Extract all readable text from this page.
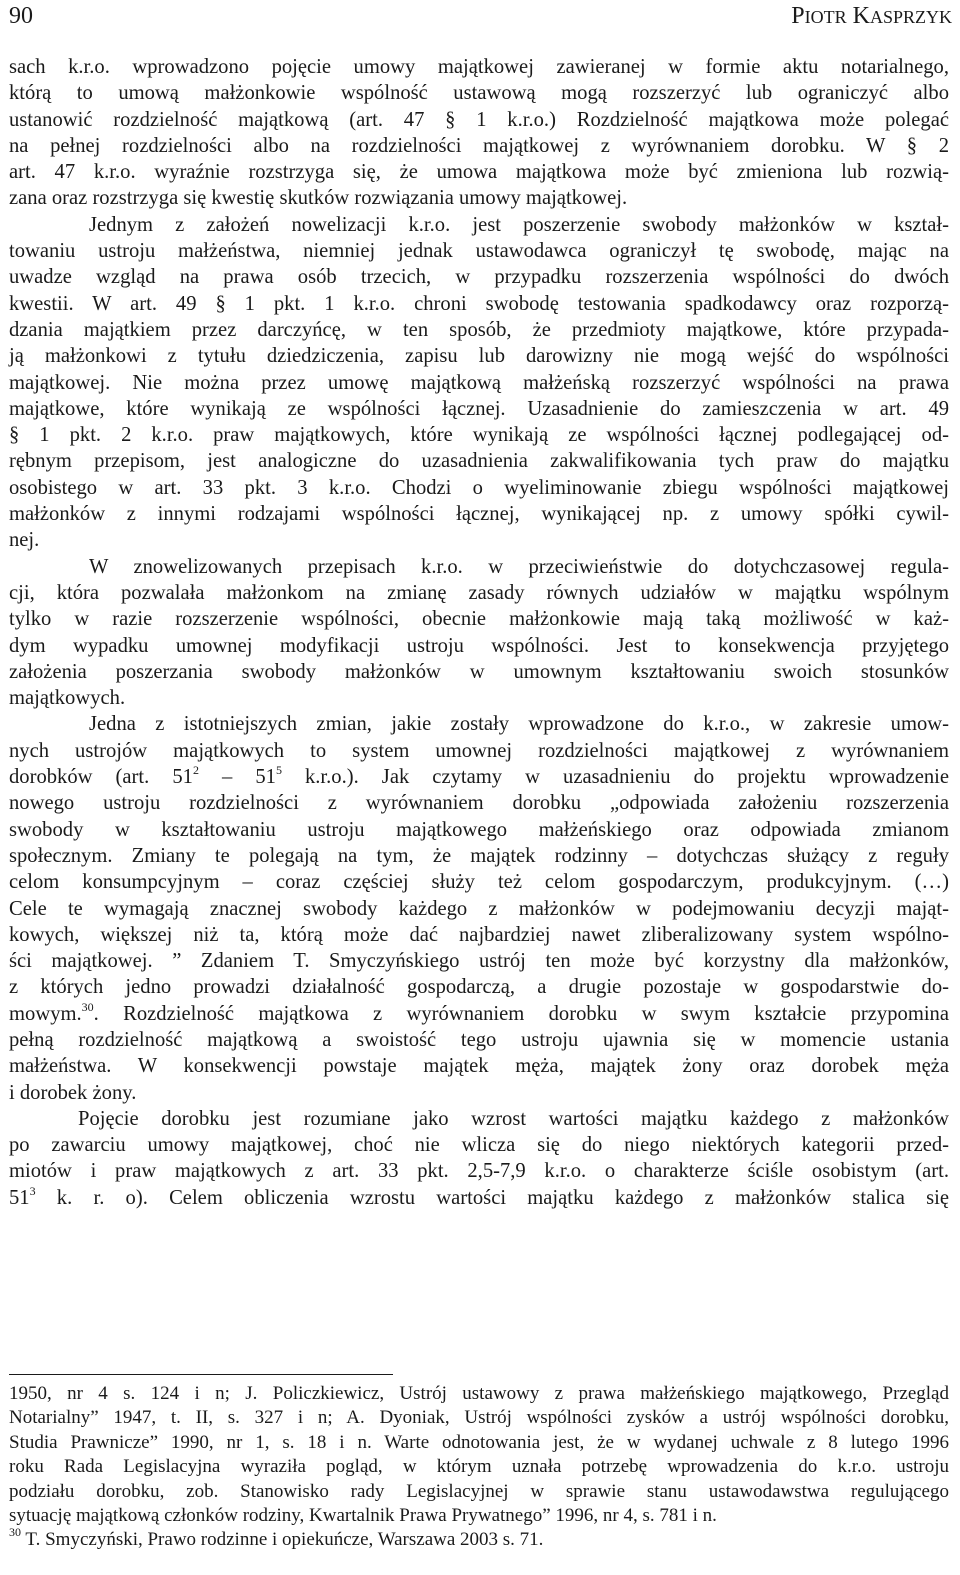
90	PIOTR KASPRZYK
sach k.r.o. wprowadzono pojęcie umowy majątkowej zawieranej w formie aktu notarialnego,
którą to umową małżonkowie wspólność ustawową mogą rozszerzyć lub ograniczyć albo
ustanowić rozdzielność majątkową (art. 47 § 1 k.r.o.) Rozdzielność majątkowa może polegać
na pełnej rozdzielności albo na rozdzielności majątkowej z wyrównaniem dorobku. W § 2
art. 47 k.r.o. wyraźnie rozstrzyga się, że umowa majątkowa może być zmieniona lub rozwią-
zana oraz rozstrzyga się kwestię skutków rozwiązania umowy majątkowej.
Jednym z założeń nowelizacji k.r.o. jest poszerzenie swobody małżonków w kształ-
towaniu ustroju małżeństwa, niemniej jednak ustawodawca ograniczył tę swobodę, mając na
uwadze wzgląd na prawa osób trzecich, w przypadku rozszerzenia wspólności do dwóch
kwestii. W art. 49 § 1 pkt. 1 k.r.o. chroni swobodę testowania spadkodawcy oraz rozporzą-
dzania majątkiem przez darczyńcę, w ten sposób, że przedmioty majątkowe, które przypada-
ją małżonkowi z tytułu dziedziczenia, zapisu lub darowizny nie mogą wejść do wspólności
majątkowej. Nie można przez umowę majątkową małżeńską rozszerzyć wspólności na prawa
majątkowe, które wynikają ze wspólności łącznej. Uzasadnienie do zamieszczenia w art. 49
§ 1 pkt. 2 k.r.o. praw majątkowych, które wynikają ze wspólności łącznej podlegającej od-
rębnym przepisom, jest analogiczne do uzasadnienia zakwalifikowania tych praw do majątku
osobistego w art. 33 pkt. 3 k.r.o. Chodzi o wyeliminowanie zbiegu wspólności majątkowej
małżonków z innymi rodzajami wspólności łącznej, wynikającej np. z umowy spółki cywil-
nej.
W znowelizowanych przepisach k.r.o. w przeciwieństwie do dotychczasowej regula-
cji, która pozwalała małżonkom na zmianę zasady równych udziałów w majątku wspólnym
tylko w razie rozszerzenie wspólności, obecnie małżonkowie mają taką możliwość w każ-
dym wypadku umownej modyfikacji ustroju wspólności. Jest to konsekwencja przyjętego
założenia poszerzania swobody małżonków w umownym kształtowaniu swoich stosunków
majątkowych.
Jedna z istotniejszych zmian, jakie zostały wprowadzone do k.r.o., w zakresie umow-
nych ustrojów majątkowych to system umownej rozdzielności majątkowej z wyrównaniem
dorobków (art. $51^2 - 51^5$ k.r.o.). Jak czytamy w uzasadnieniu do projektu wprowadzenie
nowego ustroju rozdzielności z wyrównaniem dorobku „odpowiada założeniu rozszerzenia
swobody w kształtowaniu ustroju majątkowego małżeńskiego oraz odpowiada zmianom
społecznym. Zmiany te polegają na tym, że majątek rodzinny – dotychczas służący z reguły
celom konsumpcyjnym – coraz częściej służy też celom gospodarczym, produkcyjnym. (…)
Cele te wymagają znacznej swobody każdego z małżonków w podejmowaniu decyzji mająt-
kowych, większej niż ta, którą może dać najbardziej nawet zliberalizowany system wspólno-
ści majątkowej. ” Zdaniem T. Smyczyńskiego ustrój ten może być korzystny dla małżonków,
z których jedno prowadzi działalność gospodarczą, a drugie pozostaje w gospodarstwie do-
mowym.$^{30}$. Rozdzielność majątkowa z wyrównaniem dorobku w swym kształcie przypomina
pełną rozdzielność majątkową a swoistość tego ustroju ujawnia się w momencie ustania
małżeństwa. W konsekwencji powstaje majątek męża, majątek żony oraz dorobek męża
i dorobek żony.
Pojęcie dorobku jest rozumiane jako wzrost wartości majątku każdego z małżonków
po zawarciu umowy majątkowej, choć nie wlicza się do niego niektórych kategorii przed-
miotów i praw majątkowych z art. 33 pkt. 2,5-7,9 k.r.o. o charakterze ściśle osobistym (art.
$51^3$ k. r. o). Celem obliczenia wzrostu wartości majątku każdego z małżonków stalica się
1950, nr 4 s. 124 i n; J. Policzkiewicz, Ustrój ustawowy z prawa małżeńskiego majątkowego, Przegląd
Notarialny” 1947, t. II, s. 327 i n; A. Dyoniak, Ustrój wspólności zysków a ustrój wspólności dorobku,
Studia Prawnicze” 1990, nr 1, s. 18 i n. Warte odnotowania jest, że w wydanej uchwale z 8 lutego 1996
roku Rada Legislacyjna wyraziła pogląd, w którym uznała potrzebę wprowadzenia do k.r.o. ustroju
podziału dorobku, zob. Stanowisko rady Legislacyjnej w sprawie stanu ustawodawstwa regulującego
sytuację majątkową członków rodziny, Kwartalnik Prawa Prywatnego” 1996, nr 4, s. 781 i n.
$^{30}$ T. Smyczyński, Prawo rodzinne i opiekuńcze, Warszawa 2003 s. 71.
